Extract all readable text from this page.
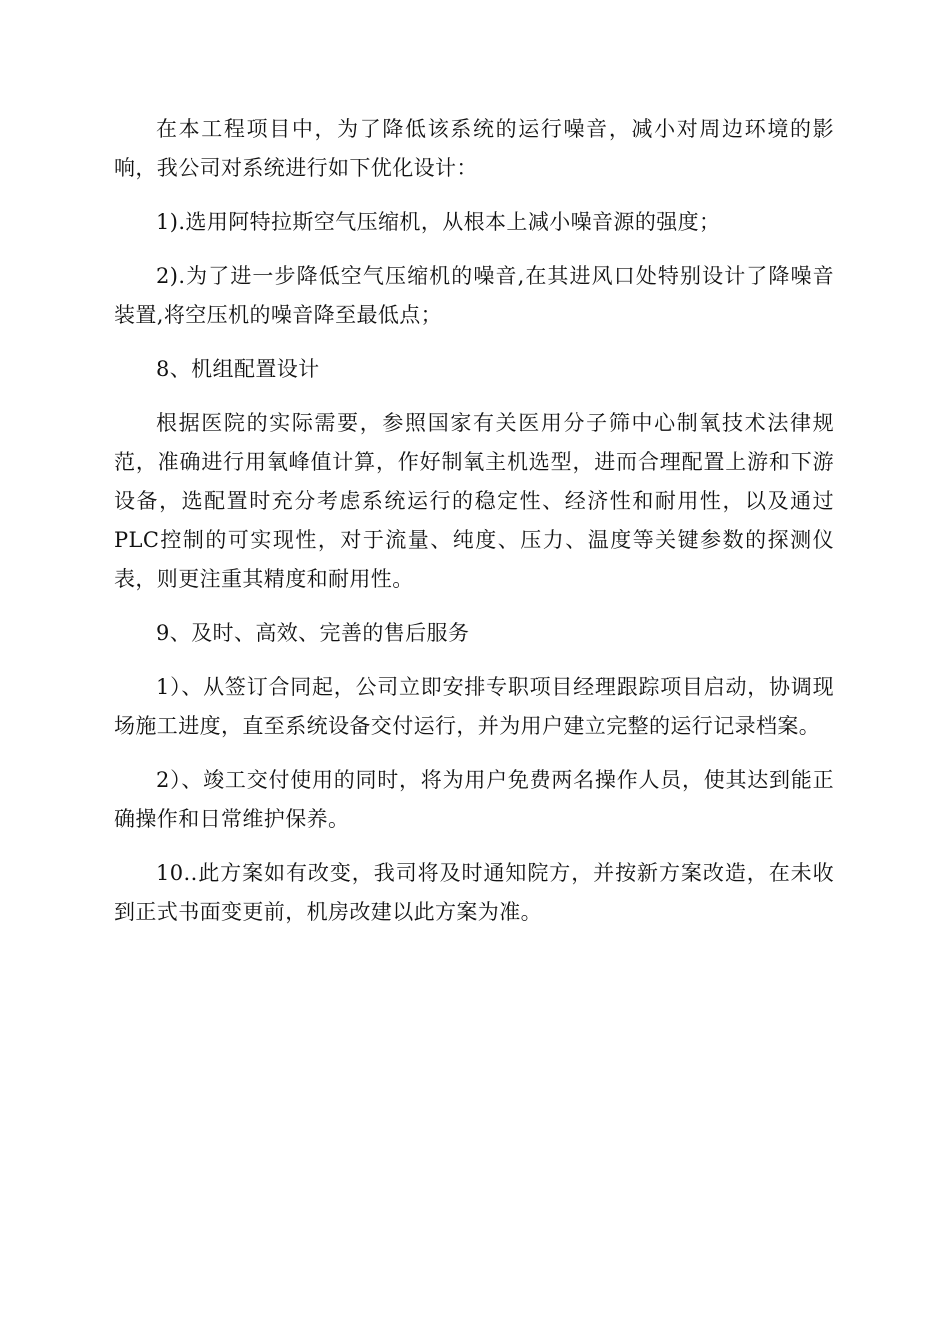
在本工程项目中，为了降低该系统的运行噪音，减小对周边环境的影响，我公司对系统进行如下优化设计：

1).选用阿特拉斯空气压缩机，从根本上减小噪音源的强度；

2).为了进一步降低空气压缩机的噪音,在其进风口处特别设计了降噪音装置,将空压机的噪音降至最低点；

8、机组配置设计

根据医院的实际需要，参照国家有关医用分子筛中心制氧技术法律规范，准确进行用氧峰值计算，作好制氧主机选型，进而合理配置上游和下游设备，选配置时充分考虑系统运行的稳定性、经济性和耐用性，以及通过PLC控制的可实现性，对于流量、纯度、压力、温度等关键参数的探测仪表，则更注重其精度和耐用性。

9、及时、高效、完善的售后服务

1）、从签订合同起，公司立即安排专职项目经理跟踪项目启动，协调现场施工进度，直至系统设备交付运行，并为用户建立完整的运行记录档案。

2）、竣工交付使用的同时，将为用户免费两名操作人员，使其达到能正确操作和日常维护保养。

10..此方案如有改变，我司将及时通知院方，并按新方案改造，在未收到正式书面变更前，机房改建以此方案为准。
